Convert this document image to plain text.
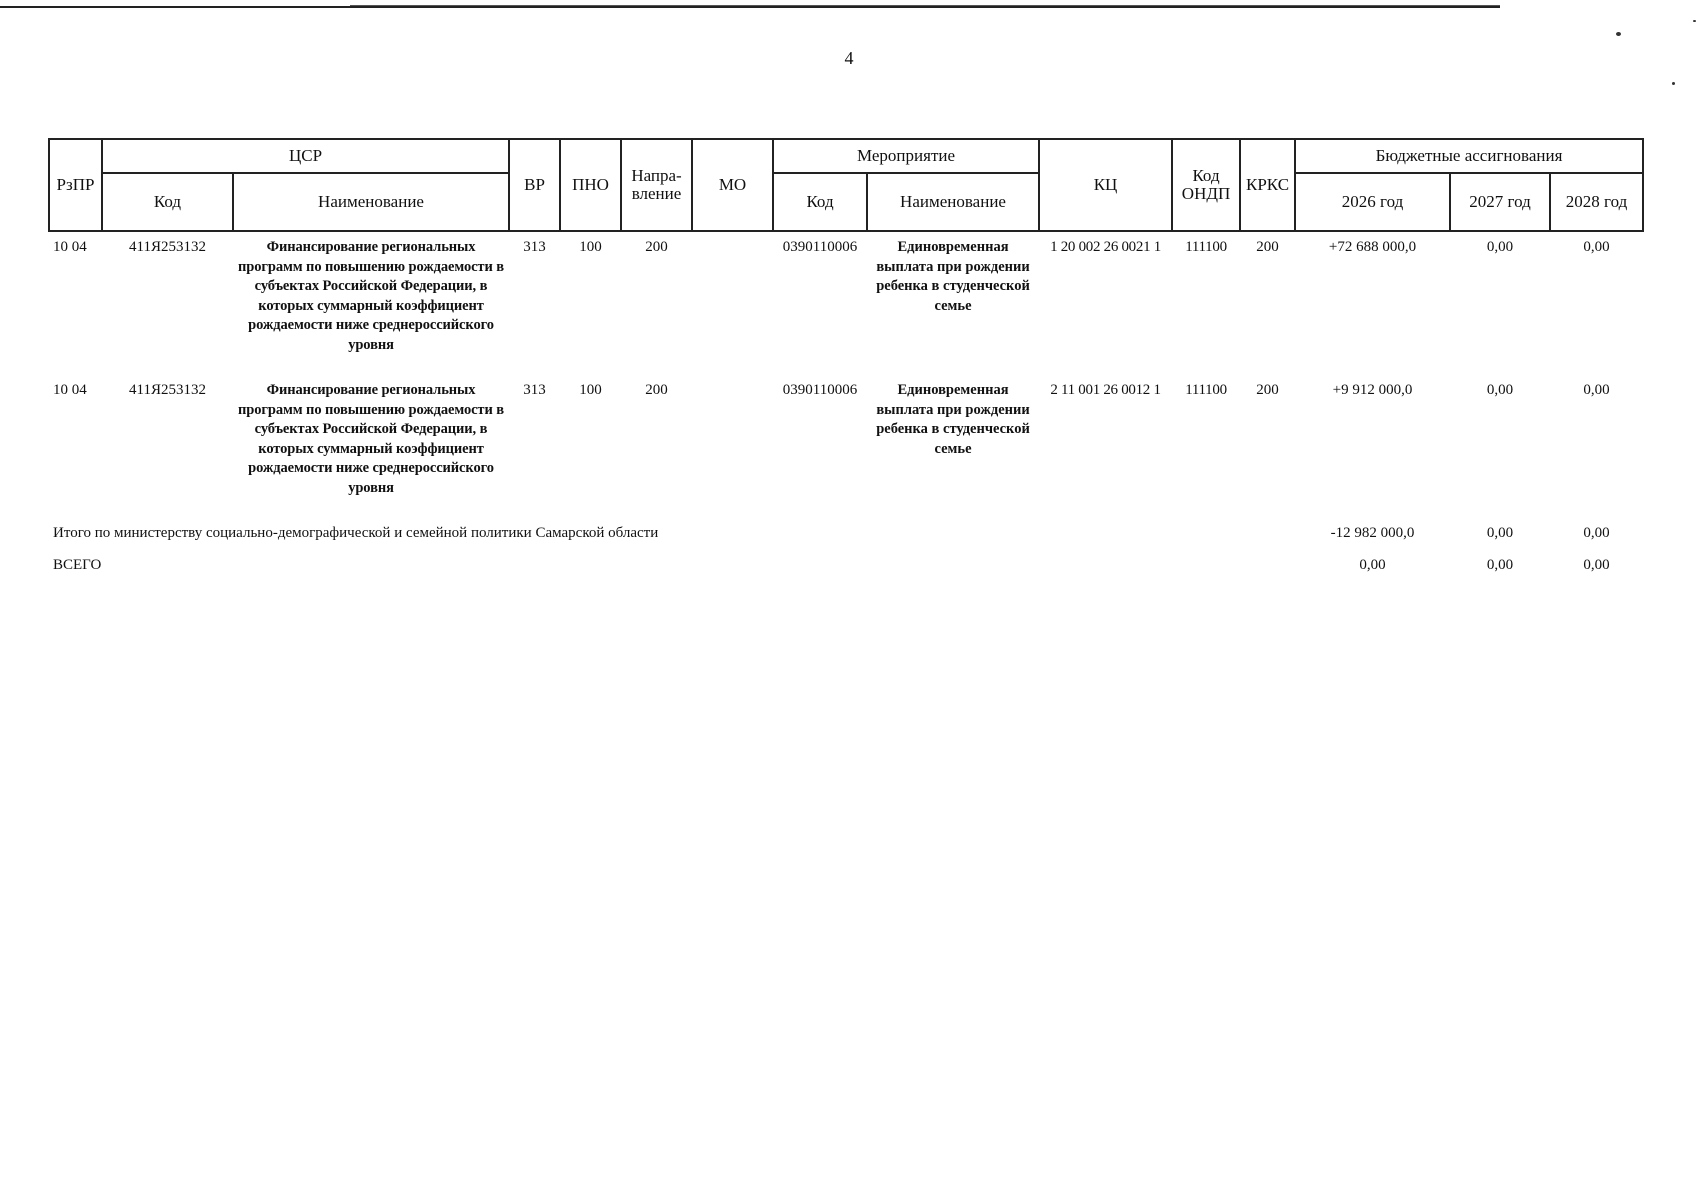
4
РзПР	ЦСР		ВР	ПНО	Напра-вление	МО	Мероприятие		КЦ	Код ОНДП	КРКС	Бюджетные ассигнования		
	Код	Наименование					Код	Наименование				2026 год	2027 год	2028 год
10 04	411Я253132	Финансирование региональных программ по повышению рождаемости в субъектах Российской Федерации, в которых суммарный коэффициент рождаемости ниже среднероссийского уровня	313	100	200		0390110006	Единовременная выплата при рождении ребенка в студенческой семье	1 20 002 26 0021 1	111100	200	+72 688 000,0	0,00	0,00
10 04	411Я253132	Финансирование региональных программ по повышению рождаемости в субъектах Российской Федерации, в которых суммарный коэффициент рождаемости ниже среднероссийского уровня	313	100	200		0390110006	Единовременная выплата при рождении ребенка в студенческой семье	2 11 001 26 0012 1	111100	200	+9 912 000,0	0,00	0,00
Итого по министерству социально-демографической и семейной политики Самарской области												-12 982 000,0	0,00	0,00
ВСЕГО												0,00	0,00	0,00
